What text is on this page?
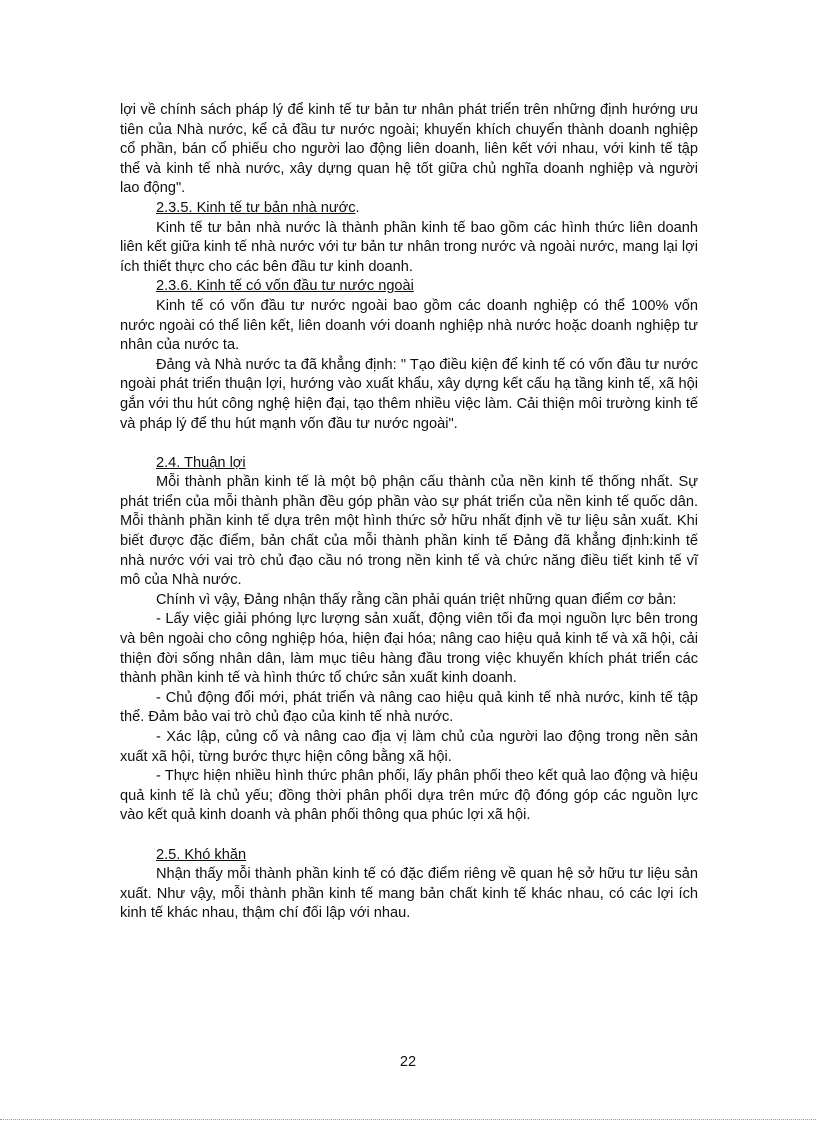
lợi về chính sách pháp lý để kinh tế tư bản tư nhân phát triển trên những định hướng ưu tiên của Nhà nước, kể cả đầu tư nước ngoài; khuyến khích chuyển thành doanh nghiệp cổ phần, bán cổ phiếu cho người lao động liên doanh, liên kết với nhau, với kinh tế tập thể và kinh tế nhà nước, xây dựng quan hệ tốt giữa chủ nghĩa doanh nghiệp và người lao động".

2.3.5. Kinh tế tư bản nhà nước.

Kinh tế tư bản nhà nước là thành phần kinh tế bao gồm các hình thức liên doanh liên kết giữa kinh tế nhà nước với tư bản tư nhân trong nước và ngoài nước, mang lại lợi ích thiết thực cho các bên đầu tư kinh doanh.

2.3.6. Kinh tế có vốn đầu tư nước ngoài

Kinh tế có vốn đầu tư nước ngoài bao gồm các doanh nghiệp có thể 100% vốn nước ngoài có thể liên kết, liên doanh với doanh nghiệp nhà nước hoặc doanh nghiệp tư nhân của nước ta.

Đảng và Nhà nước ta đã khẳng định: " Tạo điều kiện để kinh tế có vốn đầu tư nước ngoài phát triển thuận lợi, hướng vào xuất khẩu, xây dựng kết cấu hạ tầng kinh tế, xã hội gắn với thu hút công nghệ hiện đại, tạo thêm nhiều việc làm. Cải thiện môi trường kinh tế và pháp lý để thu hút mạnh vốn đầu tư nước ngoài".

2.4. Thuận lợi

Mỗi thành phần kinh tế là một bộ phận cấu thành của nền kinh tế thống nhất. Sự phát triển của mỗi thành phần đều góp phần vào sự phát triển của nền kinh tế quốc dân. Mỗi thành phần kinh tế dựa trên một hình thức sở hữu nhất định về tư liệu sản xuất. Khi biết được đặc điểm, bản chất của mỗi thành phần kinh tế Đảng đã khẳng định:kinh tế nhà nước với vai trò chủ đạo cầu nó trong nền kinh tế và chức năng điều tiết kinh tế vĩ mô của Nhà nước.

Chính vì vậy, Đảng nhận thấy rằng cần phải quán triệt những quan điểm cơ bản:

- Lấy việc giải phóng lực lượng sản xuất, động viên tối đa mọi nguồn lực bên trong và bên ngoài cho công nghiệp hóa, hiện đại hóa; nâng cao hiệu quả kinh tế và xã hội, cải thiện đời sống nhân dân, làm mục tiêu hàng đầu trong việc khuyến khích phát triển các thành phần kinh tế và hình thức tổ chức sản xuất kinh doanh.

- Chủ động đổi mới, phát triển và nâng cao hiệu quả kinh tế nhà nước, kinh tế tập thể. Đảm bảo vai trò chủ đạo của kinh tế nhà nước.

- Xác lập, củng cố và nâng cao địa vị làm chủ của người lao động trong nền sản xuất xã hội, từng bước thực hiện công bằng xã hội.

- Thực hiện nhiều hình thức phân phối, lấy phân phối theo kết quả lao động và hiệu quả kinh tế là chủ yếu; đồng thời phân phối dựa trên mức độ đóng góp các nguồn lực vào kết quả kinh doanh và phân phối thông qua phúc lợi xã hội.

2.5. Khó khăn

Nhận thấy mỗi thành phần kinh tế có đặc điểm riêng về quan hệ sở hữu tư liệu sản xuất. Như vậy, mỗi thành phần kinh tế mang bản chất kinh tế khác nhau, có các lợi ích kinh tế khác nhau, thậm chí đối lập với nhau.

22
